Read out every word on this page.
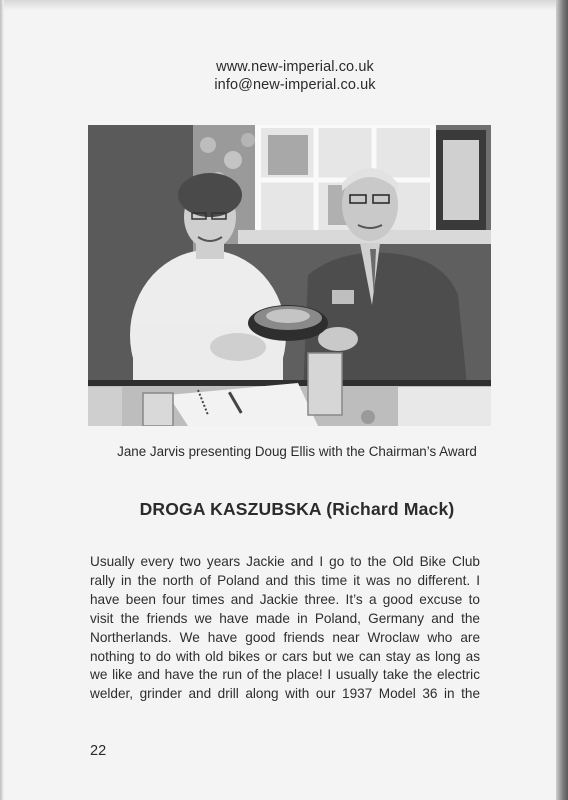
www.new-imperial.co.uk
info@new-imperial.co.uk
Jane Jarvis presenting Doug Ellis with the Chairman’s Award
DROGA KASZUBSKA (Richard Mack)
Usually every two years Jackie and I go to the Old Bike Club
rally in the north of Poland and this time it was no different. I
have been four times and Jackie three. It’s a good excuse to
visit the friends we have made in Poland, Germany and the
Northerlands. We have good friends near Wroclaw who are
nothing to do with old bikes or cars but we can stay as long as
we like and have the run of the place! I usually take the electric
welder, grinder and drill along with our 1937 Model 36 in the
22
